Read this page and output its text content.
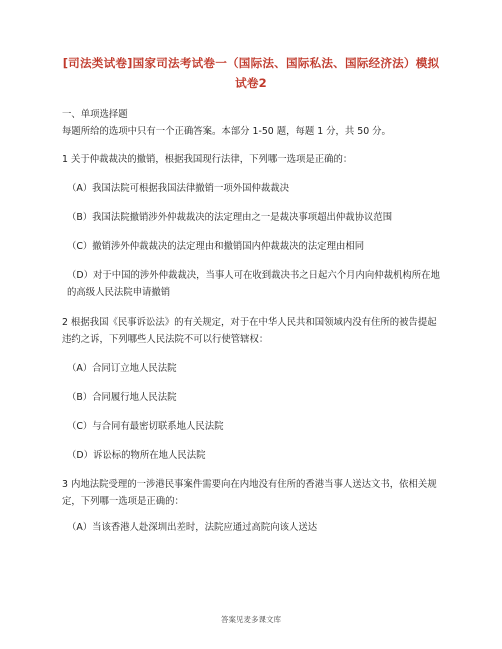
[司法类试卷]国家司法考试卷一（国际法、国际私法、国际经济法）模拟试卷2
一、单项选择题
每题所给的选项中只有一个正确答案。本部分 1-50 题，每题 1 分，共 50 分。
1 关于仲裁裁决的撤销，根据我国现行法律，下列哪一选项是正确的：
（A）我国法院可根据我国法律撤销一项外国仲裁裁决
（B）我国法院撤销涉外仲裁裁决的法定理由之一是裁决事项超出仲裁协议范围
（C）撤销涉外仲裁裁决的法定理由和撤销国内仲裁裁决的法定理由相同
（D）对于中国的涉外仲裁裁决，当事人可在收到裁决书之日起六个月内向仲裁机构所在地的高级人民法院申请撤销
2 根据我国《民事诉讼法》的有关规定，对于在中华人民共和国领域内没有住所的被告提起违约之诉，下列哪些人民法院不可以行使管辖权：
（A）合同订立地人民法院
（B）合同履行地人民法院
（C）与合同有最密切联系地人民法院
（D）诉讼标的物所在地人民法院
3 内地法院受理的一涉港民事案件需要向在内地没有住所的香港当事人送达文书，依相关规定，下列哪一选项是正确的：
（A）当该香港人赴深圳出差时，法院应通过高院向该人送达
答案见麦多课文库
